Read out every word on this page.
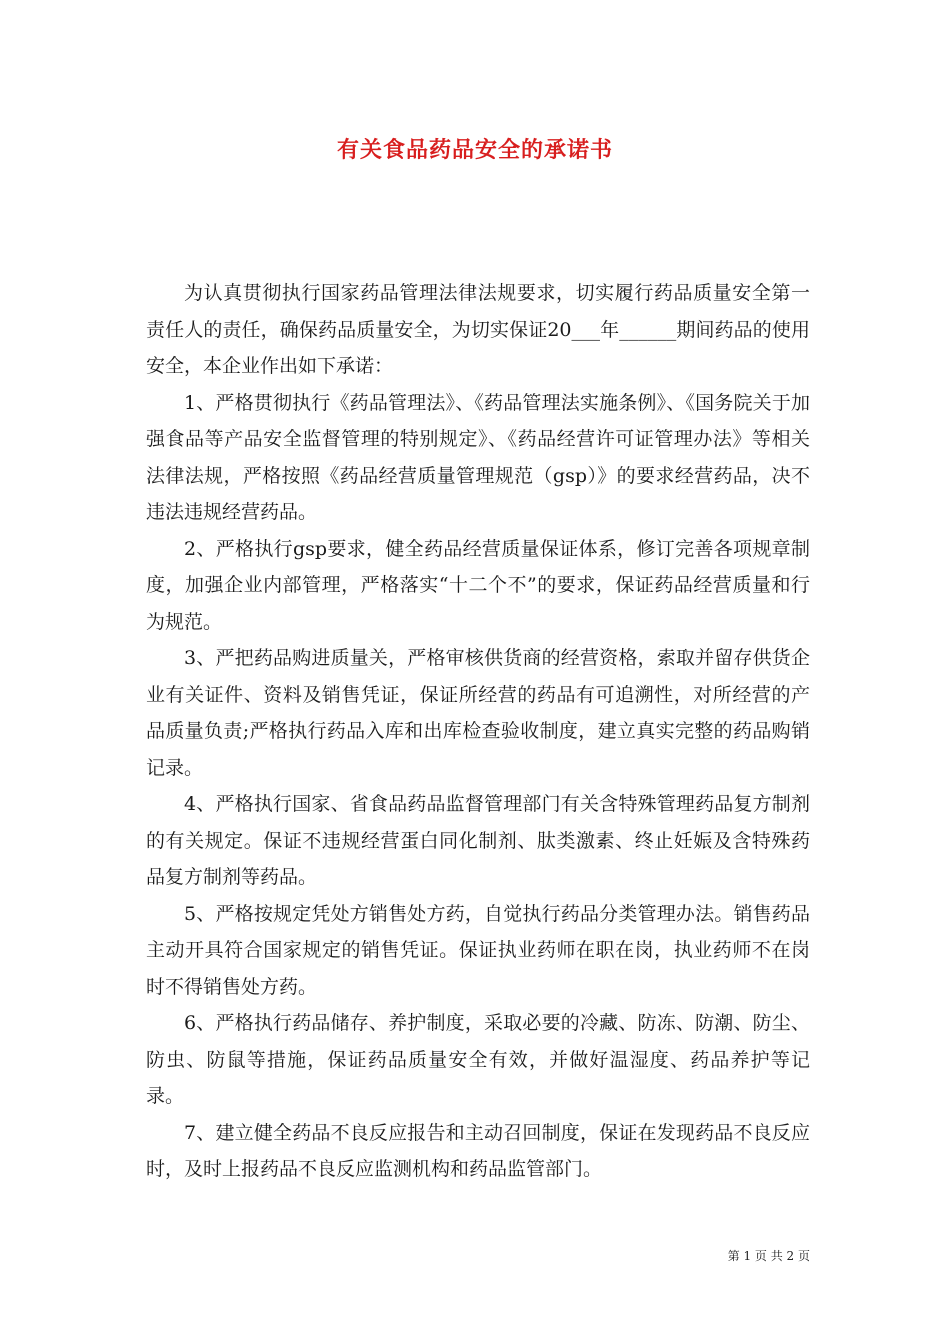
有关食品药品安全的承诺书

为认真贯彻执行国家药品管理法律法规要求，切实履行药品质量安全第一责任人的责任，确保药品质量安全，为切实保证20___年______期间药品的使用安全，本企业作出如下承诺：

1、严格贯彻执行《药品管理法》、《药品管理法实施条例》、《国务院关于加强食品等产品安全监督管理的特别规定》、《药品经营许可证管理办法》等相关法律法规，严格按照《药品经营质量管理规范（gsp）》的要求经营药品，决不违法违规经营药品。

2、严格执行gsp要求，健全药品经营质量保证体系，修订完善各项规章制度，加强企业内部管理，严格落实“十二个不”的要求，保证药品经营质量和行为规范。

3、严把药品购进质量关，严格审核供货商的经营资格，索取并留存供货企业有关证件、资料及销售凭证，保证所经营的药品有可追溯性，对所经营的产品质量负责;严格执行药品入库和出库检查验收制度，建立真实完整的药品购销记录。

4、严格执行国家、省食品药品监督管理部门有关含特殊管理药品复方制剂的有关规定。保证不违规经营蛋白同化制剂、肽类激素、终止妊娠及含特殊药品复方制剂等药品。

5、严格按规定凭处方销售处方药，自觉执行药品分类管理办法。销售药品主动开具符合国家规定的销售凭证。保证执业药师在职在岗，执业药师不在岗时不得销售处方药。

6、严格执行药品储存、养护制度，采取必要的冷藏、防冻、防潮、防尘、防虫、防鼠等措施，保证药品质量安全有效，并做好温湿度、药品养护等记录。

7、建立健全药品不良反应报告和主动召回制度，保证在发现药品不良反应时，及时上报药品不良反应监测机构和药品监管部门。

第 1 页 共 2 页
